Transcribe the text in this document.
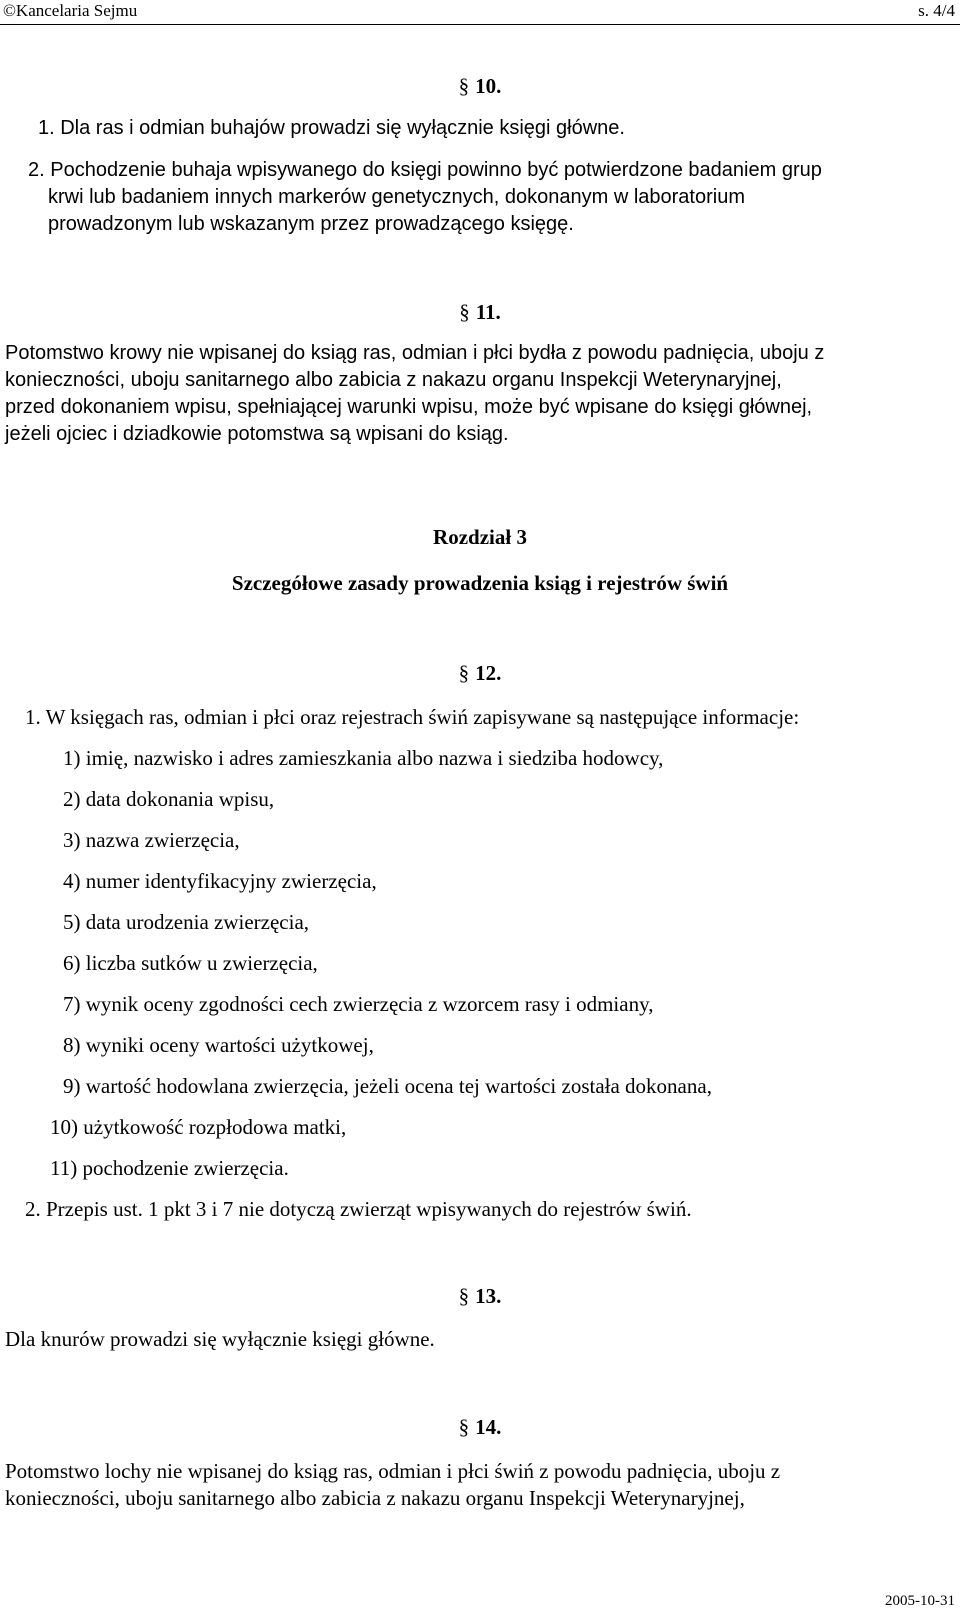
©Kancelaria Sejmu	s. 4/4
§ 10.
1. Dla ras i odmian buhajów prowadzi się wyłącznie księgi główne.
2. Pochodzenie buhaja wpisywanego do księgi powinno być potwierdzone badaniem grup
krwi lub badaniem innych markerów genetycznych, dokonanym w laboratorium
prowadzonym lub wskazanym przez prowadzącego księgę.
§ 11.
Potomstwo krowy nie wpisanej do ksiąg ras, odmian i płci bydła z powodu padnięcia, uboju z
konieczności, uboju sanitarnego albo zabicia z nakazu organu Inspekcji Weterynaryjnej,
przed dokonaniem wpisu, spełniającej warunki wpisu, może być wpisane do księgi głównej,
jeżeli ojciec i dziadkowie potomstwa są wpisani do ksiąg.
Rozdział 3
Szczegółowe zasady prowadzenia ksiąg i rejestrów świń
§ 12.
1. W księgach ras, odmian i płci oraz rejestrach świń zapisywane są następujące informacje:
1) imię, nazwisko i adres zamieszkania albo nazwa i siedziba hodowcy,
2) data dokonania wpisu,
3) nazwa zwierzęcia,
4) numer identyfikacyjny zwierzęcia,
5) data urodzenia zwierzęcia,
6) liczba sutków u zwierzęcia,
7) wynik oceny zgodności cech zwierzęcia z wzorcem rasy i odmiany,
8) wyniki oceny wartości użytkowej,
9) wartość hodowlana zwierzęcia, jeżeli ocena tej wartości została dokonana,
10) użytkowość rozpłodowa matki,
11) pochodzenie zwierzęcia.
2. Przepis ust. 1 pkt 3 i 7 nie dotyczą zwierząt wpisywanych do rejestrów świń.
§ 13.
Dla knurów prowadzi się wyłącznie księgi główne.
§ 14.
Potomstwo lochy nie wpisanej do ksiąg ras, odmian i płci świń z powodu padnięcia, uboju z
konieczności, uboju sanitarnego albo zabicia z nakazu organu Inspekcji Weterynaryjnej,
2005-10-31
